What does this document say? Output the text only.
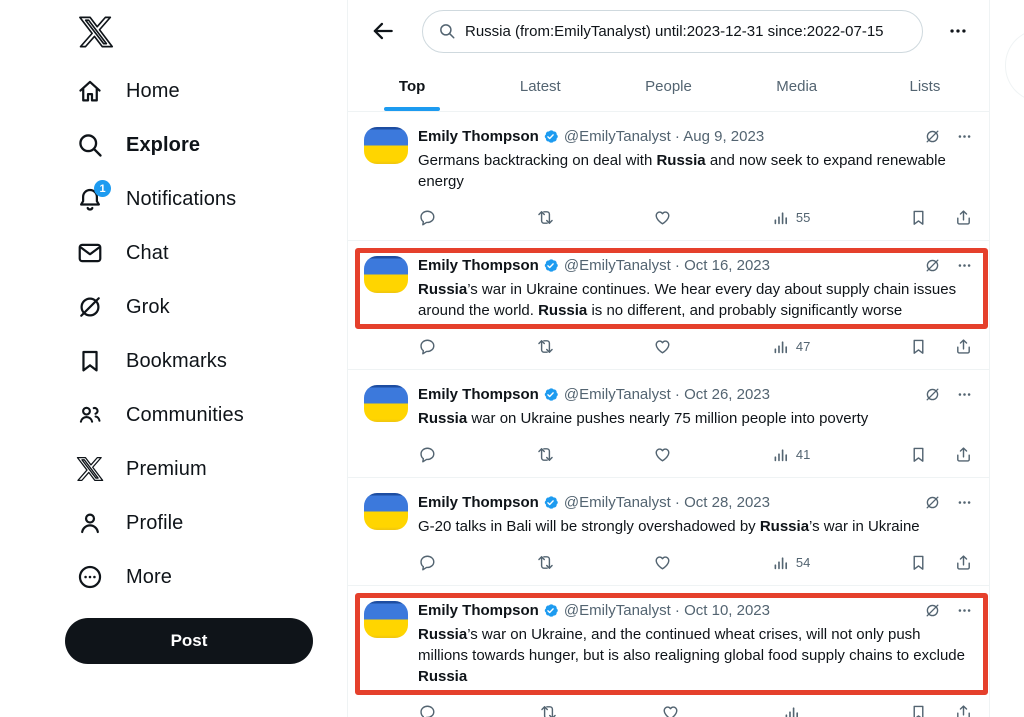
Home
Explore
1 Notifications
Chat
Grok
Bookmarks
Communities
Premium
Profile
More
Post
Russia (from:EmilyTanalyst) until:2023-12-31 since:2022-07-15
Top	Latest	People	Media	Lists
Emily Thompson @EmilyTanalyst · Aug 9, 2023
Germans backtracking on deal with Russia and now seek to expand renewable energy
55
Emily Thompson @EmilyTanalyst · Oct 16, 2023
Russia’s war in Ukraine continues. We hear every day about supply chain issues around the world. Russia is no different, and probably significantly worse
47
Emily Thompson @EmilyTanalyst · Oct 26, 2023
Russia war on Ukraine pushes nearly 75 million people into poverty
41
Emily Thompson @EmilyTanalyst · Oct 28, 2023
G-20 talks in Bali will be strongly overshadowed by Russia’s war in Ukraine
54
Emily Thompson @EmilyTanalyst · Oct 10, 2023
Russia’s war on Ukraine, and the continued wheat crises, will not only push millions towards hunger, but is also realigning global food supply chains to exclude Russia
